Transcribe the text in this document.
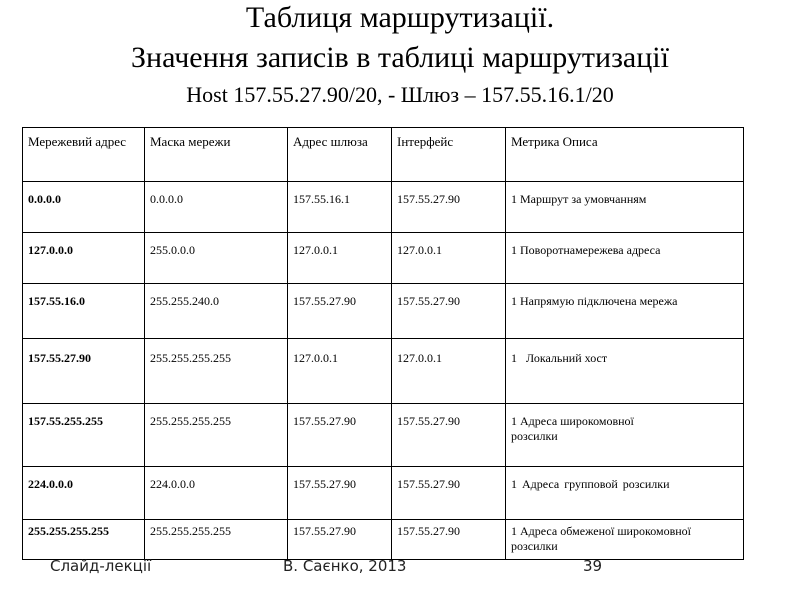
Таблиця маршрутизації.
Значення записів в таблиці маршрутизації
Host 157.55.27.90/20, - Шлюз – 157.55.16.1/20
Мережевий адрес	Маска мережи	Адрес шлюза	Інтерфейс	Метрика Описа
0.0.0.0	0.0.0.0	157.55.16.1	157.55.27.90	1 Маршрут за умовчанням
127.0.0.0	255.0.0.0	127.0.0.1	127.0.0.1	1 Поворотнамережева адреса
157.55.16.0	255.255.240.0	157.55.27.90	157.55.27.90	1 Напрямую підключена мережа
157.55.27.90	255.255.255.255	127.0.0.1	127.0.0.1	1   Локальний хост
157.55.255.255	255.255.255.255	157.55.27.90	157.55.27.90	1 Адреса широкомовної розсилки
224.0.0.0	224.0.0.0	157.55.27.90	157.55.27.90	1 Адреса групповой розсилки
255.255.255.255	255.255.255.255	157.55.27.90	157.55.27.90	1 Адреса обмеженої широкомовної розсилки
Слайд-лекції	В. Саєнко, 2013	39
